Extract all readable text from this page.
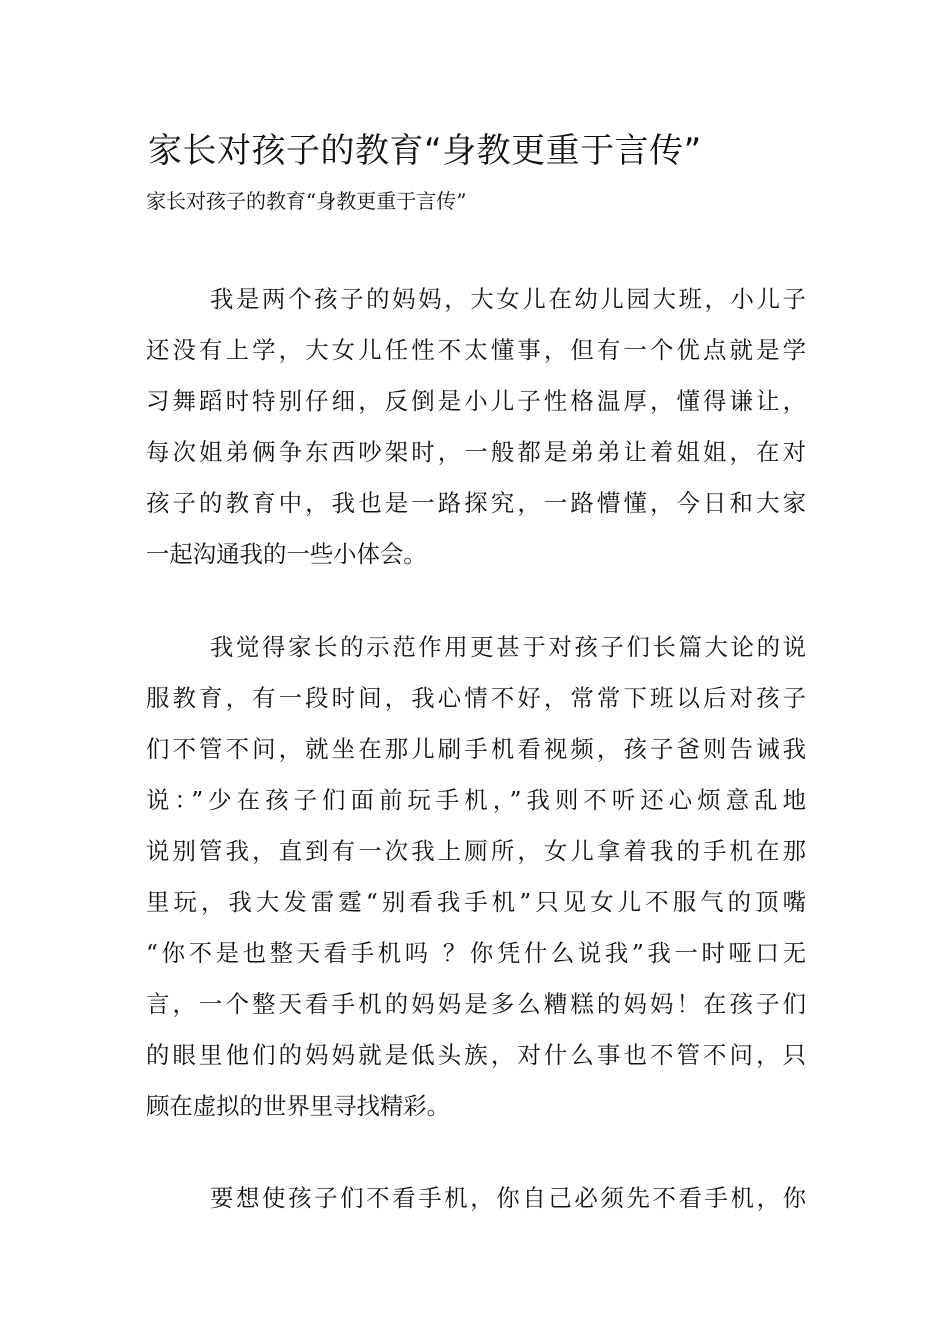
家长对孩子的教育“身教更重于言传”

家长对孩子的教育“身教更重于言传”

我是两个孩子的妈妈，大女儿在幼儿园大班，小儿子
还没有上学，大女儿任性不太懂事，但有一个优点就是学
习舞蹈时特别仔细，反倒是小儿子性格温厚，懂得谦让，
每次姐弟俩争东西吵架时，一般都是弟弟让着姐姐，在对
孩子的教育中，我也是一路探究，一路懵懂，今日和大家
一起沟通我的一些小体会。
我觉得家长的示范作用更甚于对孩子们长篇大论的说
服教育，有一段时间，我心情不好，常常下班以后对孩子
们不管不问，就坐在那儿刷手机看视频，孩子爸则告诫我
说：”少在孩子们面前玩手机，”我则不听还心烦意乱地
说别管我，直到有一次我上厕所，女儿拿着我的手机在那
里玩，我大发雷霆“别看我手机”只见女儿不服气的顶嘴
“你不是也整天看手机吗 ？你凭什么说我”我一时哑口无
言，一个整天看手机的妈妈是多么糟糕的妈妈！在孩子们
的眼里他们的妈妈就是低头族，对什么事也不管不问，只
顾在虚拟的世界里寻找精彩。
要想使孩子们不看手机，你自己必须先不看手机，你
